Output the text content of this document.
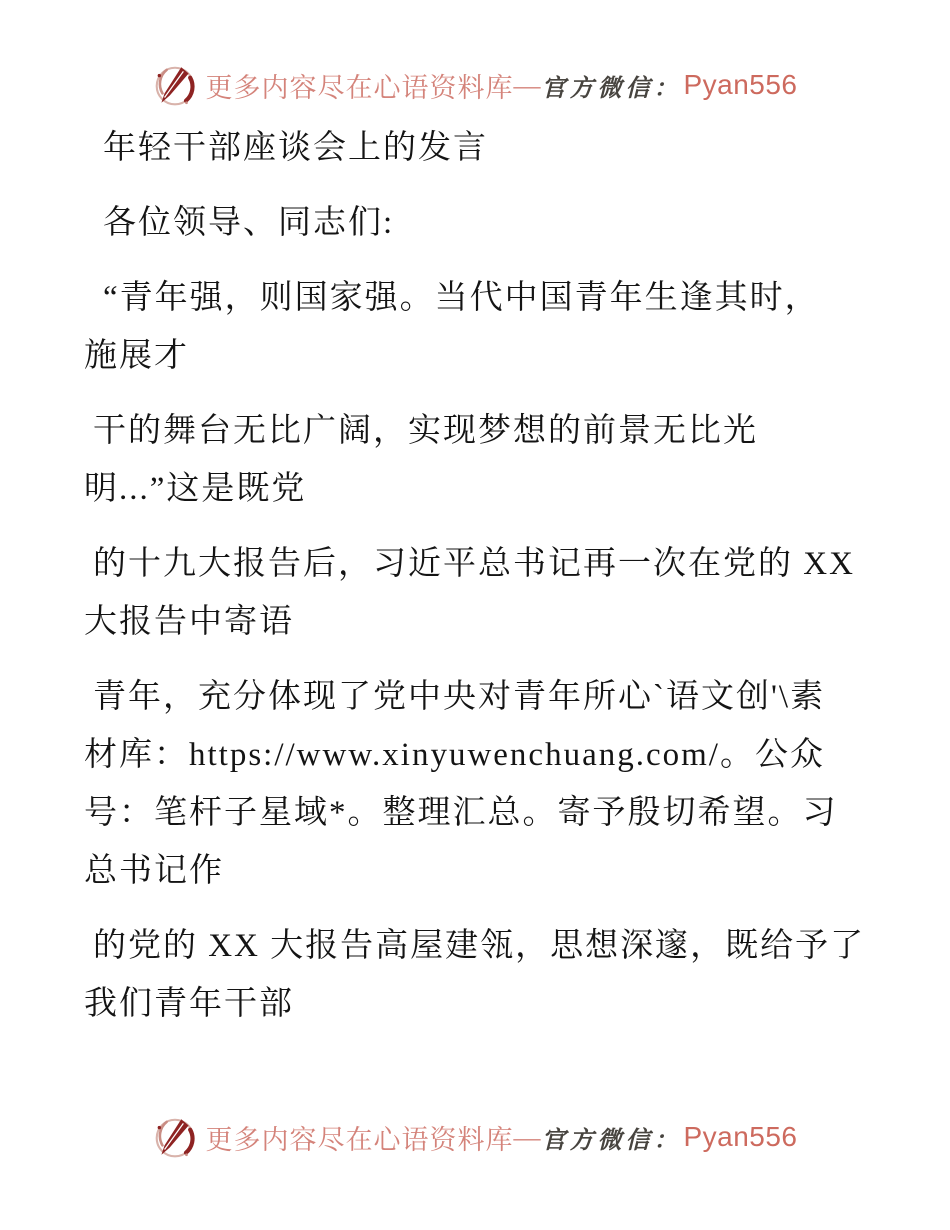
更多内容尽在心语资料库 — 官方微信： Pyan556
年轻干部座谈会上的发言
各位领导、同志们:
“青年强，则国家强。当代中国青年生逢其时，
施展才
干的舞台无比广阔，实现梦想的前景无比光
明...”这是既党
的十九大报告后，习近平总书记再一次在党的 XX
大报告中寄语
青年，充分体现了党中央对青年所心`语文创'\素
材库：https://www.xinyuwenchuang.com/。公众
号：笔杆子星域*。整理汇总。寄予殷切希望。习
总书记作
的党的 XX 大报告高屋建瓴，思想深邃，既给予了
我们青年干部
更多内容尽在心语资料库 — 官方微信： Pyan556
